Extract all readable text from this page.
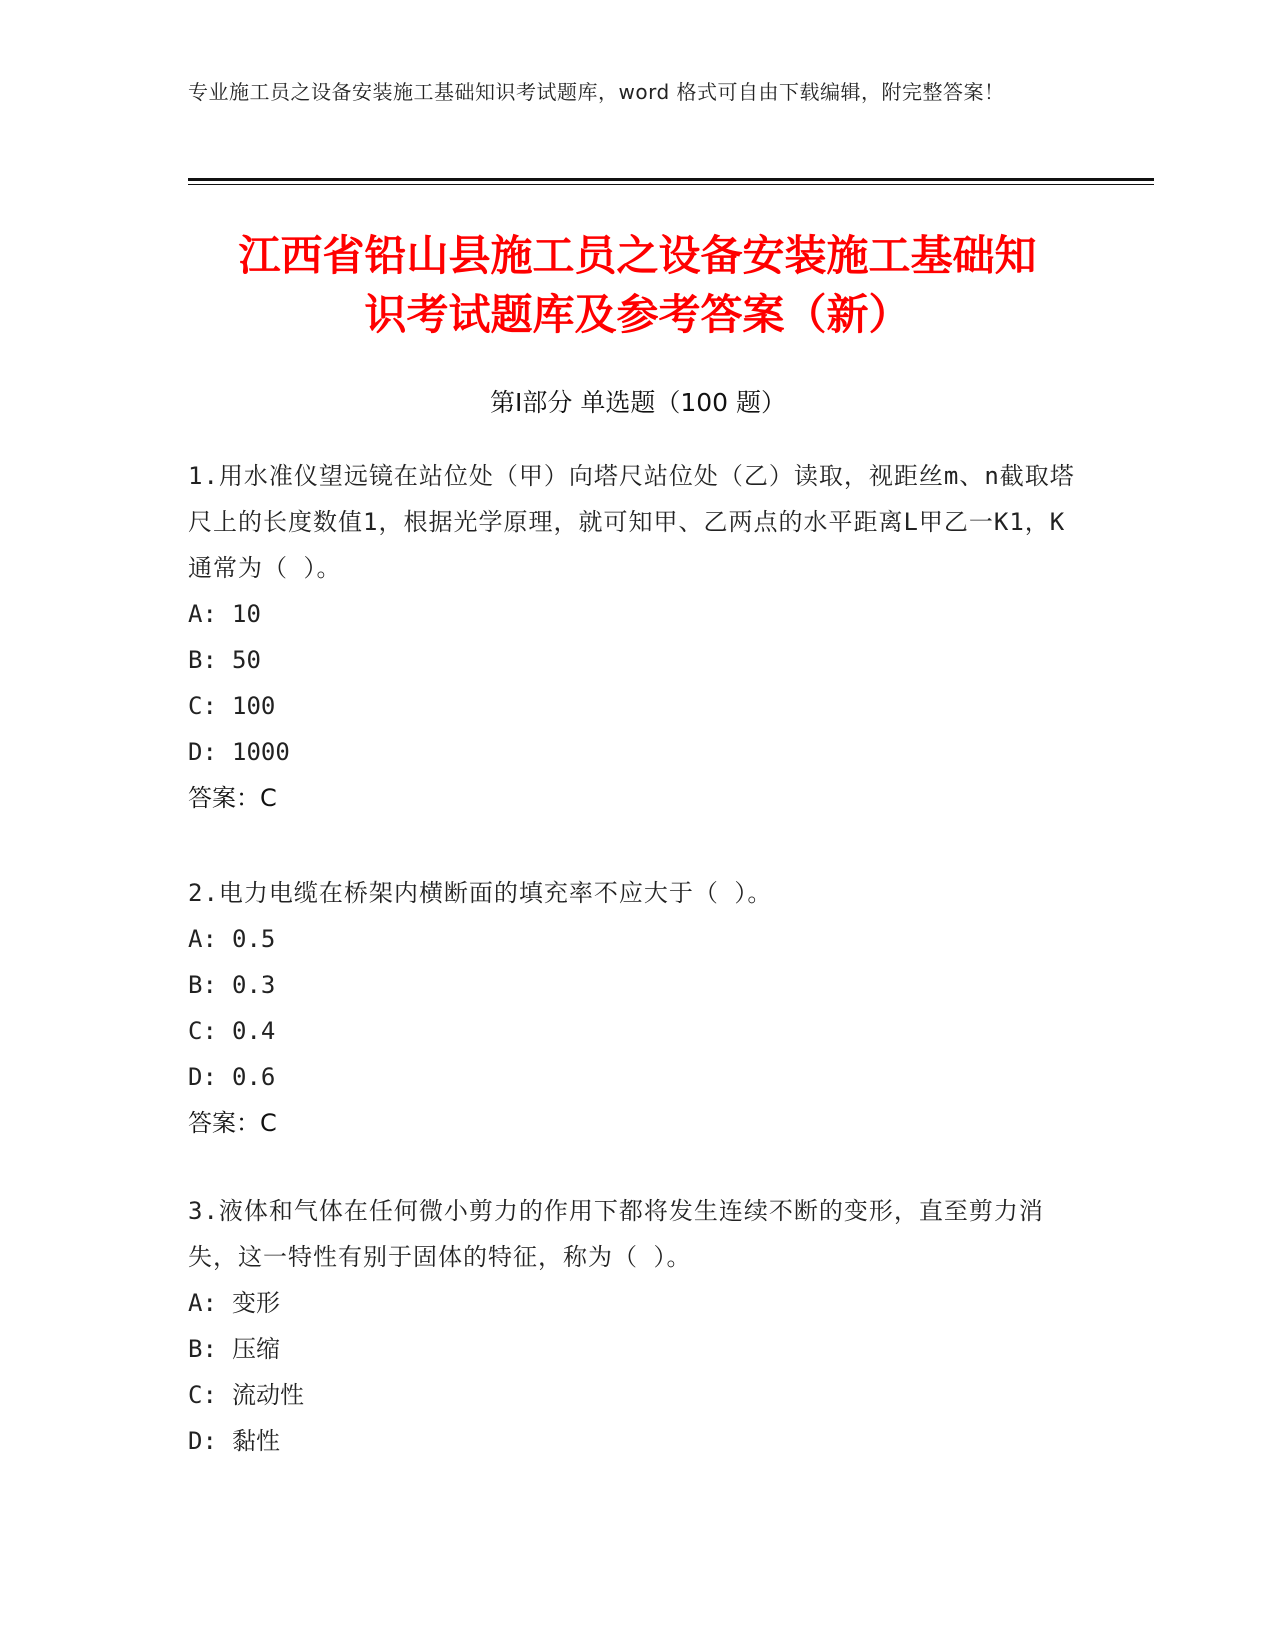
专业施工员之设备安装施工基础知识考试题库，word 格式可自由下载编辑，附完整答案！
江西省铅山县施工员之设备安装施工基础知
识考试题库及参考答案（新）
第Ⅰ部分 单选题（100 题）
1.用水准仪望远镜在站位处（甲）向塔尺站位处（乙）读取，视距丝m、n截取塔尺上的长度数值1，根据光学原理，就可知甲、乙两点的水平距离L甲乙一K1，K通常为（ ）。
A: 10
B: 50
C: 100
D: 1000
答案：C
2.电力电缆在桥架内横断面的填充率不应大于（ ）。
A: 0.5
B: 0.3
C: 0.4
D: 0.6
答案：C
3.液体和气体在任何微小剪力的作用下都将发生连续不断的变形，直至剪力消失，这一特性有别于固体的特征，称为（ ）。
A: 变形
B: 压缩
C: 流动性
D: 黏性
